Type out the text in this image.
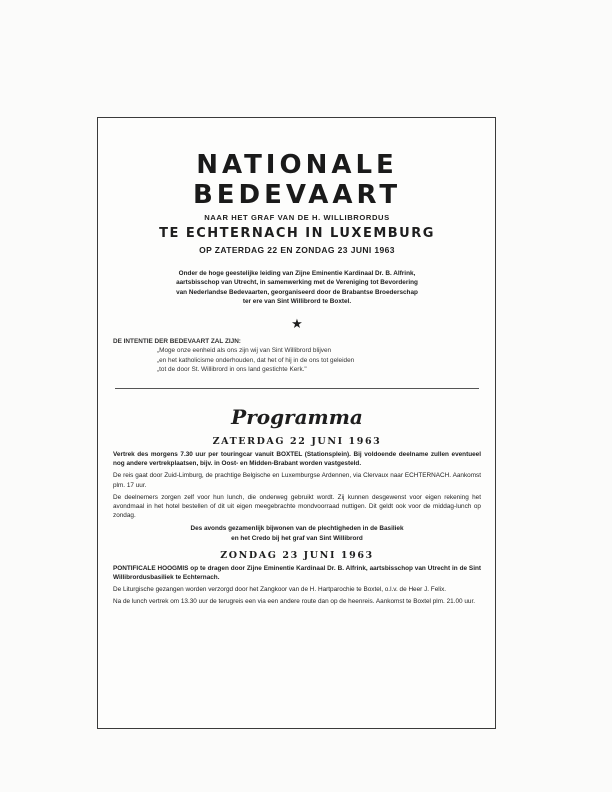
NATIONALE BEDEVAART
NAAR HET GRAF VAN DE H. WILLIBRORDUS
TE ECHTERNACH IN LUXEMBURG
OP ZATERDAG 22 EN ZONDAG 23 JUNI 1963
Onder de hoge geestelijke leiding van Zijne Eminentie Kardinaal Dr. B. Alfrink,
aartsbisschop van Utrecht, in samenwerking met de Vereniging tot Bevordering
van Nederlandse Bedevaarten, georganiseerd door de Brabantse Broederschap
ter ere van Sint Willibrord te Boxtel.
★
DE INTENTIE DER BEDEVAART ZAL ZIJN:
„Moge onze eenheid als ons zijn wij van Sint Willibrord blijven
„en het katholicisme onderhouden, dat het of hij in de ons tot geleiden
„tot de door St. Willibrord in ons land gestichte Kerk."
Programma
ZATERDAG 22 JUNI 1963
Vertrek des morgens 7.30 uur per touringcar vanuit BOXTEL (Stationsplein). Bij voldoende deelname zullen eventueel nog andere vertrekplaatsen, bijv. in Oost- en Midden-Brabant worden vastgesteld.
De reis gaat door Zuid-Limburg, de prachtige Belgische en Luxemburgse Ardennen, via Clervaux naar ECHTERNACH. Aankomst plm. 17 uur.
De deelnemers zorgen zelf voor hun lunch, die onderweg gebruikt wordt. Zij kunnen desgewenst voor eigen rekening het avondmaal in het hotel bestellen of dit uit eigen meegebrachte mondvoorraad nuttigen. Dit geldt ook voor de middag-lunch op zondag.
Des avonds gezamenlijk bijwonen van de plechtigheden in de Basiliek
en het Credo bij het graf van Sint Willibrord
ZONDAG 23 JUNI 1963
PONTIFICALE HOOGMIS op te dragen door Zijne Eminentie Kardinaal Dr. B. Alfrink, aartsbisschop van Utrecht in de Sint Willibrordusbasiliek te Echternach.
De Liturgische gezangen worden verzorgd door het Zangkoor van de H. Hartparochie te Boxtel, o.l.v. de Heer J. Felix.
Na de lunch vertrek om 13.30 uur de terugreis een via een andere route dan op de heenreis. Aankomst te Boxtel plm. 21.00 uur.
